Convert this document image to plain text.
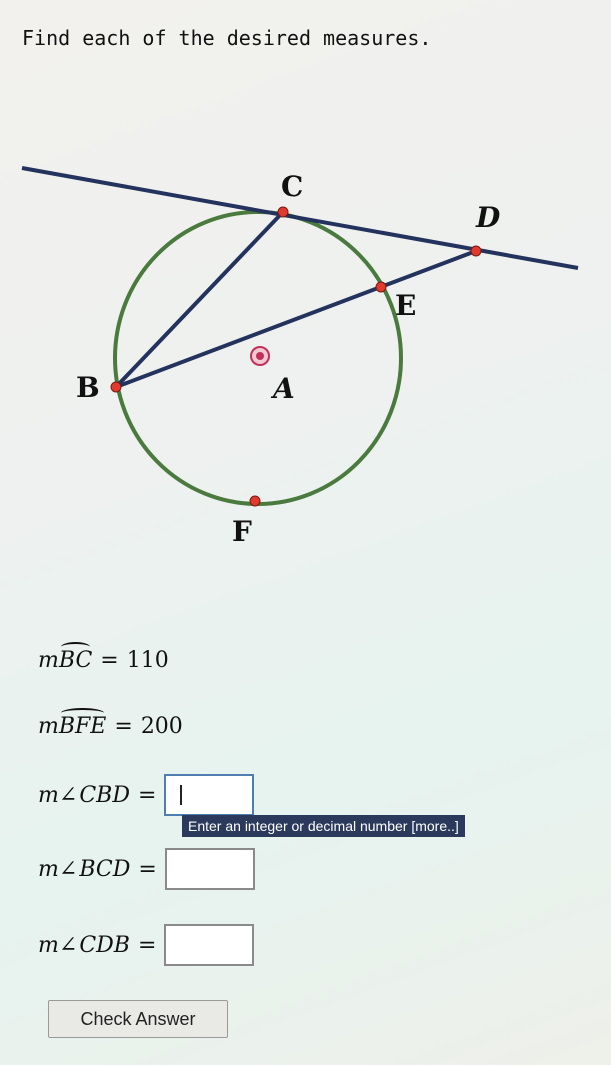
Find each of the desired measures.
C
D
E
B	A
F
m BC = 110
m BFE = 200
m ∠ CBD =
Enter an integer or decimal number [more..]
m ∠ BCD =
m ∠ CDB =
Check Answer
